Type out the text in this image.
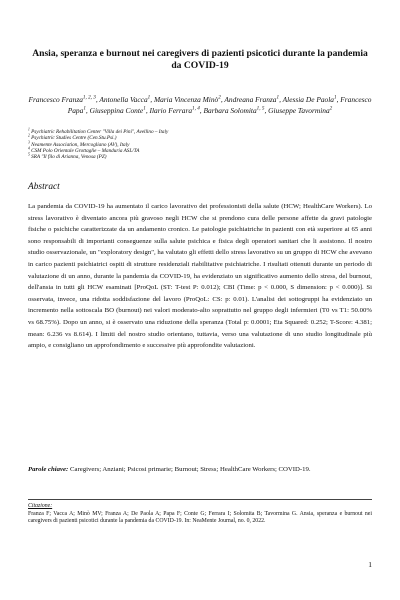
Ansia, speranza e burnout nei caregivers di pazienti psicotici durante la pandemia da COVID-19
Francesco Franza$^{1, 2, 3}$, Antonella Vacca$^1$, Maria Vincenza Minò$^2$, Andreana Franza$^1$, Alessia De Paola$^1$, Francesco Papa$^1$, Giuseppina Conte$^1$, Ilario Ferrara$^{1, 4}$, Barbara Solomita$^{1, 5}$, Giuseppe Tavormina$^2$
$^1$ Psychiatric Rehabilitation Center "Villa dei Pini", Avellino – Italy
$^2$ Psychiatric Studies Centre (Cen.Stu.Psi.)
$^3$ Neamente Association, Mercogliano (AV), Italy
$^4$ CSM Polo Orientale Grottaglie – Manduria ASL/TA
$^5$ SRA "Il filo di Arianna, Venosa (PZ)
Abstract
La pandemia da COVID-19 ha aumentato il carico lavorativo dei professionisti della salute (HCW; HealthCare Workers). Lo stress lavorativo è diventato ancora più gravoso negli HCW che si prendono cura delle persone affette da gravi patologie fisiche o psichiche caratterizzate da un andamento cronico. Le patologie psichiatriche in pazienti con età superiore ai 65 anni sono responsabili di importanti conseguenze sulla salute psichica e fisica degli operatori sanitari che li assistono. Il nostro studio osservazionale, un "exploratory design", ha valutato gli effetti dello stress lavorativo su un gruppo di HCW che avevano in carico pazienti psichiatrici ospiti di strutture residenziali riabilitative psichiatriche. I risultati ottenuti durante un periodo di valutazione di un anno, durante la pandemia da COVID-19, ha evidenziato un significativo aumento dello stress, del burnout, dell'ansia in tutti gli HCW esaminati [ProQoL (ST: T-test P: 0.012); CBI (Time: p < 0.000, S dimension: p < 0.000)]. Si osservata, invece, una ridotta soddisfazione del lavoro (ProQoL: CS: p: 0.01). L'analisi dei sottogruppi ha evidenziato un incremento nella sottoscala BO (burnout) nei valori moderato-alto soprattutto nel gruppo degli infermieri (T0 vs T1: 50.00% vs 68.75%). Dopo un anno, si è osservato una riduzione della speranza (Total p: 0.0001; Eta Squared: 0.252; T-Score: 4.381; mean: 6.236 vs 8.614). I limiti del nostro studio orientano, tuttavia, verso una valutazione di uno studio longitudinale più ampio, e consigliano un approfondimento e successive più approfondite valutazioni.
Parole chiave: Caregivers; Anziani; Psicosi primarie; Burnout; Stress; HealthCare Workers; COVID-19.
Citazione:
Franza F; Vacca A; Minò MV; Franza A; De Paola A; Papa F; Conte G; Ferrara I; Solomita B; Tavormina G. Ansia, speranza e burnout nei caregivers di pazienti psicotici durante la pandemia da COVID-19. In: NeaMente Journal, no. 0, 2022.
1
